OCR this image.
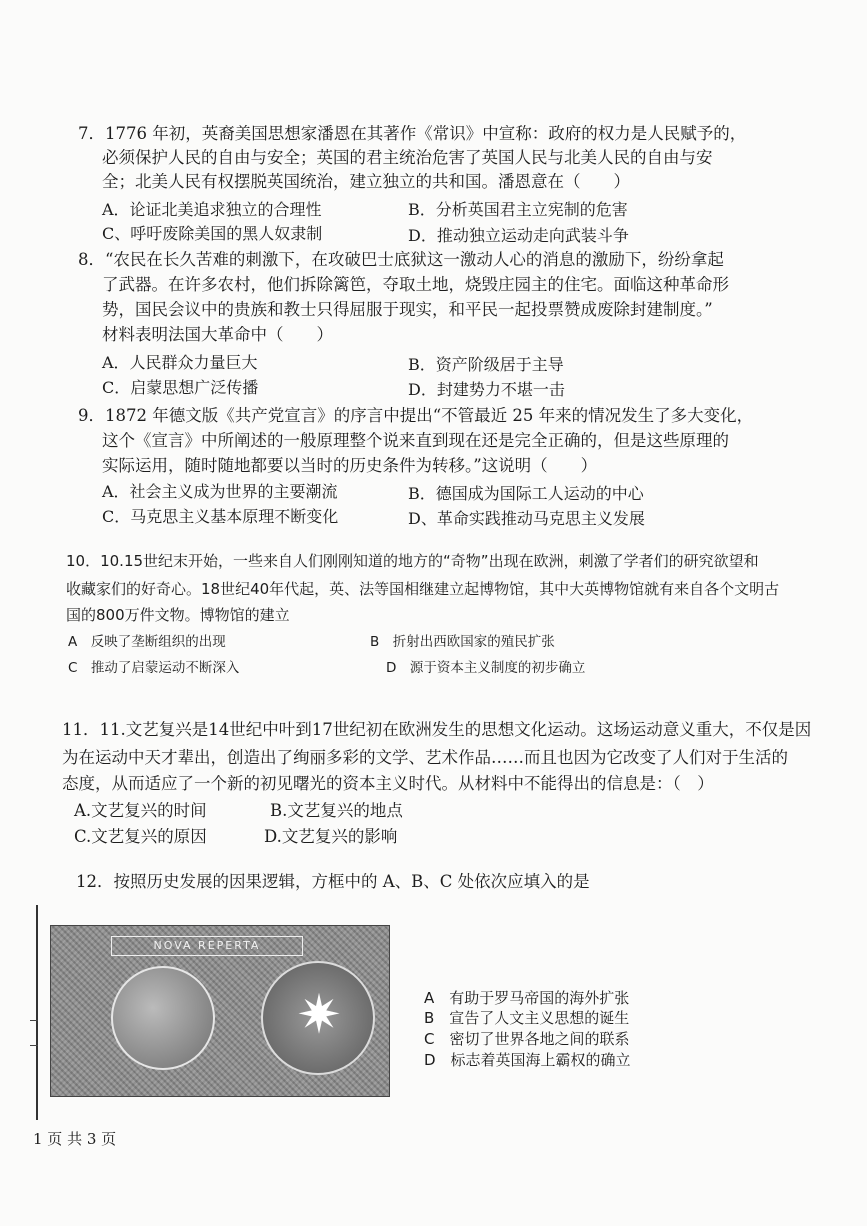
7．1776 年初，英裔美国思想家潘恩在其著作《常识》中宣称：政府的权力是人民赋予的，
必须保护人民的自由与安全；英国的君主统治危害了英国人民与北美人民的自由与安
全；北美人民有权摆脱英国统治，建立独立的共和国。潘恩意在（　　）
A．论证北美追求独立的合理性	B．分析英国君主立宪制的危害
C、呼吁废除美国的黑人奴隶制	D．推动独立运动走向武装斗争
8．“农民在长久苦难的刺激下，在攻破巴士底狱这一激动人心的消息的激励下，纷纷拿起
了武器。在许多农村，他们拆除篱笆，夺取土地，烧毁庄园主的住宅。面临这种革命形
势，国民会议中的贵族和教士只得屈服于现实，和平民一起投票赞成废除封建制度。”
材料表明法国大革命中（　　）
A．人民群众力量巨大	B．资产阶级居于主导
C．启蒙思想广泛传播	D．封建势力不堪一击
9．1872 年德文版《共产党宣言》的序言中提出“不管最近 25 年来的情况发生了多大变化，
这个《宣言》中所阐述的一般原理整个说来直到现在还是完全正确的，但是这些原理的
实际运用，随时随地都要以当时的历史条件为转移。”这说明（　　）
A．社会主义成为世界的主要潮流	B．德国成为国际工人运动的中心
C．马克思主义基本原理不断变化	D、革命实践推动马克思主义发展
10．10.15世纪末开始，一些来自人们刚刚知道的地方的“奇物”出现在欧洲，刺激了学者们的研究欲望和
收藏家们的好奇心。18世纪40年代起，英、法等国相继建立起博物馆，其中大英博物馆就有来自各个文明古
国的800万件文物。博物馆的建立
A　反映了垄断组织的出现	B　折射出西欧国家的殖民扩张
C　推动了启蒙运动不断深入	D　源于资本主义制度的初步确立
11．11.文艺复兴是14世纪中叶到17世纪初在欧洲发生的思想文化运动。这场运动意义重大，不仅是因
为在运动中天才辈出，创造出了绚丽多彩的文学、艺术作品……而且也因为它改变了人们对于生活的
态度，从而适应了一个新的初见曙光的资本主义时代。从材料中不能得出的信息是：（　）
A.文艺复兴的时间	B.文艺复兴的地点
C.文艺复兴的原因	D.文艺复兴的影响
12．按照历史发展的因果逻辑，方框中的 A、B、C 处依次应填入的是
NOVA REPERTA
✷	A　有助于罗马帝国的海外扩张
B　宣告了人文主义思想的诞生
C　密切了世界各地之间的联系
D　标志着英国海上霸权的确立
1 页 共 3 页
